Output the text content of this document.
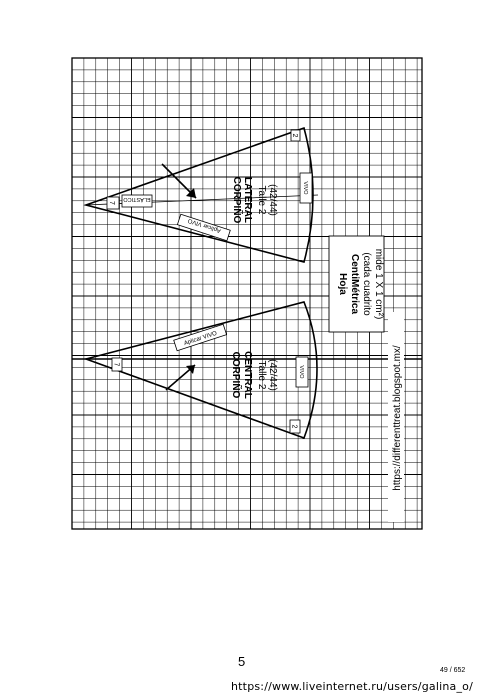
7
ELÁSTICO
2
VIVO
Aplicar VIVO
CORPIÑO LATERAL Talle 2 (42/44)
7
2
VIVO
Aplicar VIVO
CORPIÑO CENTRAL Talle 2 (42/44)
Hoja CentiMétrica (cada cuadrito mide 1 X 1 cm²)
https://differenttreat.blogspot.mx/
5
49 / 652
https://www.liveinternet.ru/users/galina_o/
